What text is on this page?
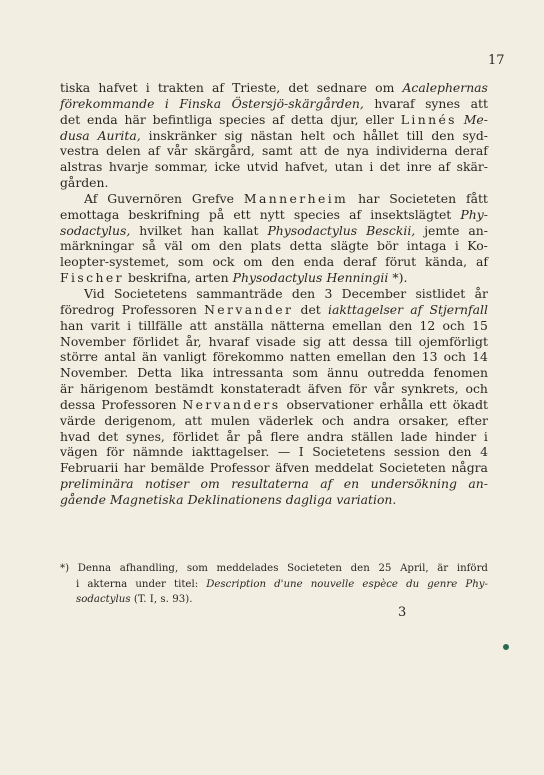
17
tiska hafvet i trakten af Trieste, det sednare om Acalephernas
förekommande i Finska Östersjö-skärgården, hvaraf synes att
det enda här befintliga species af detta djur, eller Linnés Me-
dusa Aurita, inskränker sig nästan helt och hållet till den syd-
vestra delen af vår skärgård, samt att de nya individerna deraf
alstras hvarje sommar, icke utvid hafvet, utan i det inre af skär-
gården.
Af Guvernören Grefve Mannerheim har Societeten fått
emottaga beskrifning på ett nytt species af insektslägtet Phy-
sodactylus, hvilket han kallat Physodactylus Besckii, jemte an-
märkningar så väl om den plats detta slägte bör intaga i Ko-
leopter-systemet, som ock om den enda deraf förut kända, af
Fischer beskrifna, arten Physodactylus Henningii *).
Vid Societetens sammanträde den 3 December sistlidet år
föredrog Professoren Nervander det iakttagelser af Stjernfall
han varit i tillfälle att anställa nätterna emellan den 12 och 15
November förlidet år, hvaraf visade sig att dessa till ojemförligt
större antal än vanligt förekommo natten emellan den 13 och 14
November. Detta lika intressanta som ännu outredda fenomen
är härigenom bestämdt konstateradt äfven för vår synkrets, och
dessa Professoren Nervanders observationer erhålla ett ökadt
värde derigenom, att mulen väderlek och andra orsaker, efter
hvad det synes, förlidet år på flere andra ställen lade hinder i
vägen för nämnde iakttagelser. — I Societetens session den 4
Februarii har bemälde Professor äfven meddelat Societeten några
preliminära notiser om resultaterna af en undersökning an-
gående Magnetiska Deklinationens dagliga variation.
*) Denna afhandling, som meddelades Societeten den 25 April, är införd
i akterna under titel: Description d'une nouvelle espèce du genre Phy-
sodactylus (T. I, s. 93).
3
